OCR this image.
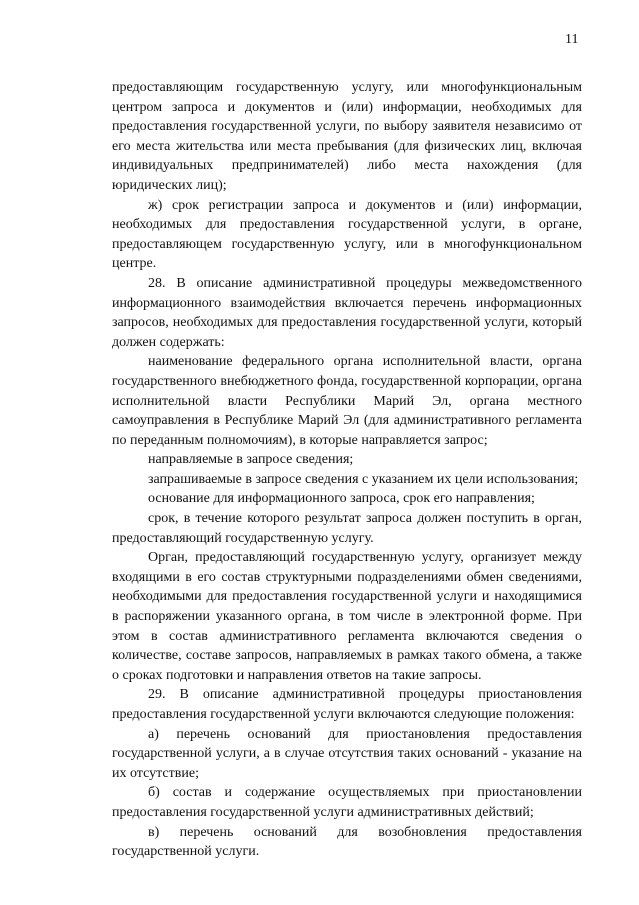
11

предоставляющим государственную услугу, или многофункциональным центром запроса и документов и (или) информации, необходимых для предоставления государственной услуги, по выбору заявителя независимо от его места жительства или места пребывания (для физических лиц, включая индивидуальных предпринимателей) либо места нахождения (для юридических лиц);

ж) срок регистрации запроса и документов и (или) информации, необходимых для предоставления государственной услуги, в органе, предоставляющем государственную услугу, или в многофункциональном центре.

28. В описание административной процедуры межведомственного информационного взаимодействия включается перечень информационных запросов, необходимых для предоставления государственной услуги, который должен содержать:

наименование федерального органа исполнительной власти, органа государственного внебюджетного фонда, государственной корпорации, органа исполнительной власти Республики Марий Эл, органа местного самоуправления в Республике Марий Эл (для административного регламента по переданным полномочиям), в которые направляется запрос;

направляемые в запросе сведения;

запрашиваемые в запросе сведения с указанием их цели использования;

основание для информационного запроса, срок его направления;

срок, в течение которого результат запроса должен поступить в орган, предоставляющий государственную услугу.

Орган, предоставляющий государственную услугу, организует между входящими в его состав структурными подразделениями обмен сведениями, необходимыми для предоставления государственной услуги и находящимися в распоряжении указанного органа, в том числе в электронной форме. При этом в состав административного регламента включаются сведения о количестве, составе запросов, направляемых в рамках такого обмена, а также о сроках подготовки и направления ответов на такие запросы.

29. В описание административной процедуры приостановления предоставления государственной услуги включаются следующие положения:

а) перечень оснований для приостановления предоставления государственной услуги, а в случае отсутствия таких оснований - указание на их отсутствие;

б) состав и содержание осуществляемых при приостановлении предоставления государственной услуги административных действий;

в) перечень оснований для возобновления предоставления государственной услуги.
